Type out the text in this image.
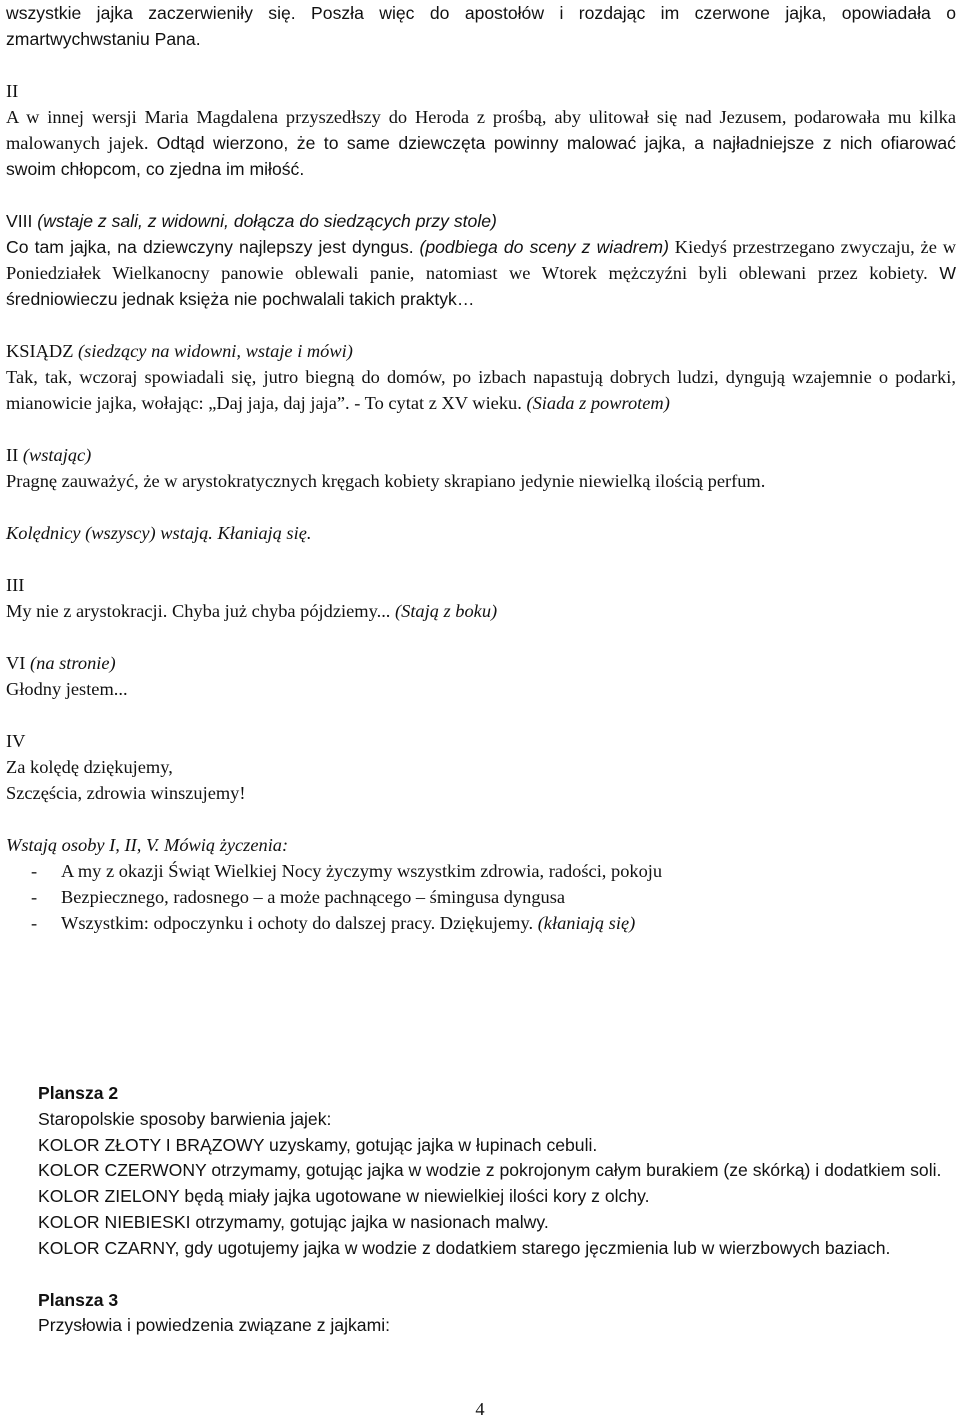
wszystkie jajka zaczerwieniły się. Poszła więc do apostołów i rozdając im czerwone jajka, opowiadała o zmartwychwstaniu Pana.

II

A w innej wersji Maria Magdalena przyszedłszy do Heroda z prośbą, aby ulitował się nad Jezusem, podarowała mu kilka malowanych jajek. Odtąd wierzono, że to same dziewczęta powinny malować jajka, a najładniejsze z nich ofiarować swoim chłopcom, co zjedna im miłość.

VIII (wstaje z sali, z widowni, dołącza do siedzących przy stole)

Co tam jajka, na dziewczyny najlepszy jest dyngus. (podbiega do sceny z wiadrem) Kiedyś przestrzegano zwyczaju, że w Poniedziałek Wielkanocny panowie oblewali panie, natomiast we Wtorek mężczyźni byli oblewani przez kobiety. W średniowieczu jednak księża nie pochwalali takich praktyk…

KSIĄDZ (siedzący na widowni, wstaje i mówi)

Tak, tak, wczoraj spowiadali się, jutro biegną do domów, po izbach napastują dobrych ludzi, dyngują wzajemnie o podarki, mianowicie jajka, wołając: „Daj jaja, daj jaja”. - To cytat z XV wieku. (Siada z powrotem)

II (wstając)

Pragnę zauważyć, że w arystokratycznych kręgach kobiety skrapiano jedynie niewielką ilością perfum.

Kolędnicy (wszyscy) wstają. Kłaniają się.

III

My nie z arystokracji. Chyba już chyba pójdziemy... (Stają z boku)

VI (na stronie)

Głodny jestem...

IV

Za kolędę dziękujemy,

Szczęścia, zdrowia winszujemy!

Wstają osoby I, II, V. Mówią życzenia:

-	A my z okazji Świąt Wielkiej Nocy życzymy wszystkim zdrowia, radości, pokoju
-	Bezpiecznego, radosnego – a może pachnącego – śmingusa dyngusa
-	Wszystkim: odpoczynku i ochoty do dalszej pracy. Dziękujemy. (kłaniają się)

Plansza 2

Staropolskie sposoby barwienia jajek:

KOLOR ZŁOTY I BRĄZOWY uzyskamy, gotując jajka w łupinach cebuli.

KOLOR CZERWONY otrzymamy, gotując jajka w wodzie z pokrojonym całym burakiem (ze skórką) i dodatkiem soli.

KOLOR ZIELONY będą miały jajka ugotowane w niewielkiej ilości kory z olchy.

KOLOR NIEBIESKI otrzymamy, gotując jajka w nasionach malwy.

KOLOR CZARNY, gdy ugotujemy jajka w wodzie z dodatkiem starego jęczmienia lub w wierzbowych baziach.

Plansza 3

Przysłowia i powiedzenia związane z jajkami:

4
